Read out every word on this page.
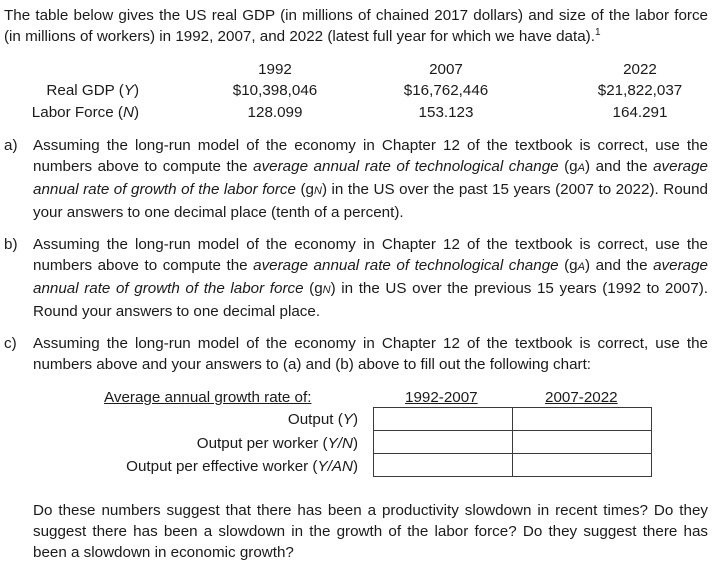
The table below gives the US real GDP (in millions of chained 2017 dollars) and size of the labor force (in millions of workers) in 1992, 2007, and 2022 (latest full year for which we have data).$^1$

1992	2007	2022
Real GDP (Y)	$10,398,046	$16,762,446	$21,822,037
Labor Force (N)	128.099	153.123	164.291
a)	Assuming the long-run model of the economy in Chapter 12 of the textbook is correct, use the numbers above to compute the average annual rate of technological change (gA) and the average annual rate of growth of the labor force (gN) in the US over the past 15 years (2007 to 2022). Round your answers to one decimal place (tenth of a percent).
b)	Assuming the long-run model of the economy in Chapter 12 of the textbook is correct, use the numbers above to compute the average annual rate of technological change (gA) and the average annual rate of growth of the labor force (gN) in the US over the previous 15 years (1992 to 2007). Round your answers to one decimal place.
c)	Assuming the long-run model of the economy in Chapter 12 of the textbook is correct, use the numbers above and your answers to (a) and (b) above to fill out the following chart:
Average annual growth rate of:	1992-2007	2007-2022
Output (Y)
Output per worker (Y/N)
Output per effective worker (Y/AN)

Do these numbers suggest that there has been a productivity slowdown in recent times? Do they suggest there has been a slowdown in the growth of the labor force? Do they suggest there has been a slowdown in economic growth?
